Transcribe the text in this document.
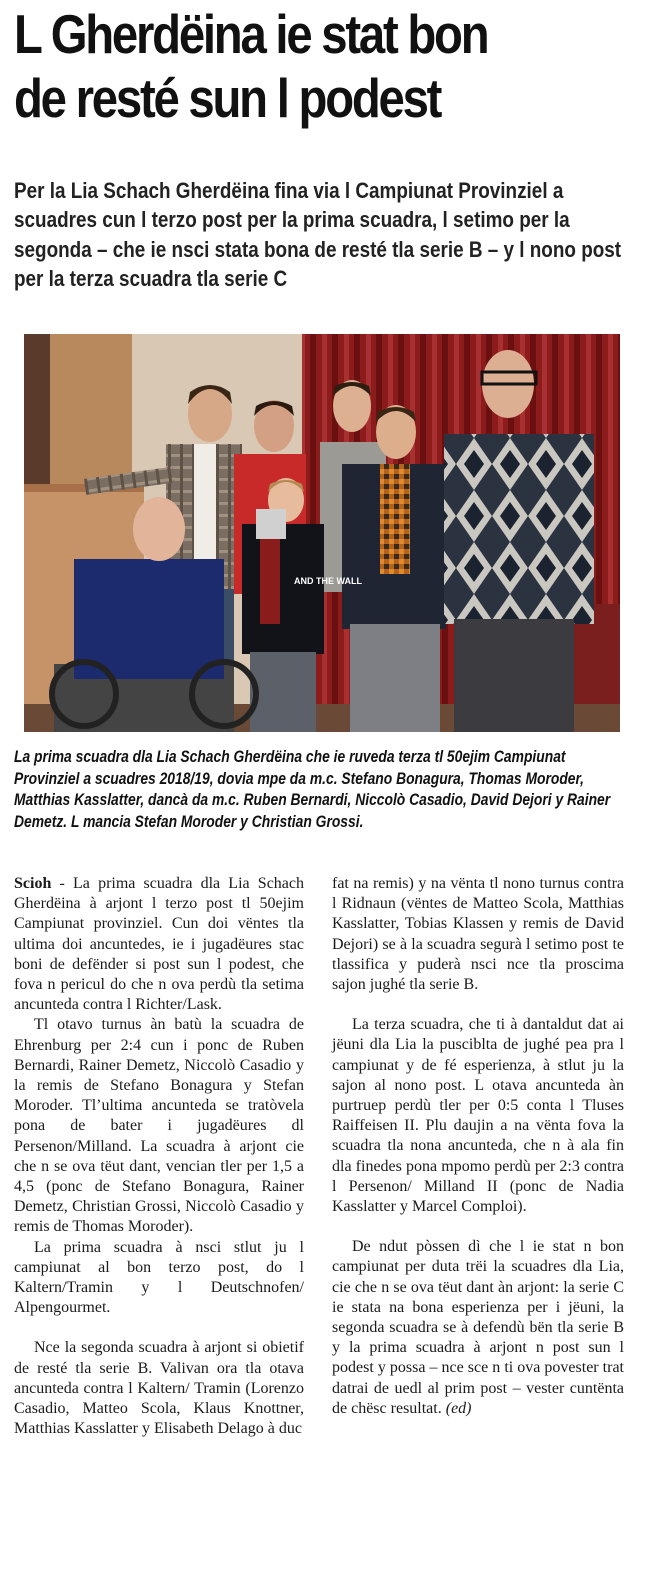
L Gherdëina ie stat bon
de resté sun l podest

Per la Lia Schach Gherdëina fina via l Campiunat Provinziel a scuadres cun l terzo post per la prima scuadra, l setimo per la segonda – che ie nsci stata bona de resté tla serie B – y l nono post per la terza scuadra tla serie C

AND THE WALL

La prima scuadra dla Lia Schach Gherdëina che ie ruveda terza tl 50ejim Campiunat Provinziel a scuadres 2018/19, dovia mpe da m.c. Stefano Bonagura, Thomas Moroder, Matthias Kasslatter, dancà da m.c. Ruben Bernardi, Niccolò Casadio, David Dejori y Rainer Demetz. L mancia Stefan Moroder y Christian Grossi.

Scioh - La prima scuadra dla Lia Schach Gherdëina à arjont l terzo post tl 50ejim Campiunat provinziel. Cun doi vëntes tla ultima doi ancuntedes, ie i jugadëures stac boni de defënder si post sun l podest, che fova n pericul do che n ova perdù tla setima ancunteda contra l Richter/Lask.

Tl otavo turnus àn batù la scuadra de Ehrenburg per 2:4 cun i ponc de Ruben Bernardi, Rainer Demetz, Niccolò Casadio y la remis de Stefano Bonagura y Stefan Moroder. Tl’ultima ancunteda se tratòvela pona de bater i jugadëures dl Persenon/Milland. La scuadra à arjont cie che n se ova tëut dant, vencian tler per 1,5 a 4,5 (ponc de Stefano Bonagura, Rainer Demetz, Christian Grossi, Niccolò Casadio y remis de Thomas Moroder).

La prima scuadra à nsci stlut ju l campiunat al bon terzo post, do l Kaltern/Tramin y l Deutschnofen/ Alpengourmet.

Nce la segonda scuadra à arjont si obietif de resté tla serie B. Valivan ora tla otava ancunteda contra l Kaltern/ Tramin (Lorenzo Casadio, Matteo Scola, Klaus Knottner, Matthias Kasslatter y Elisabeth Delago à duc

fat na remis) y na vënta tl nono turnus contra l Ridnaun (vëntes de Matteo Scola, Matthias Kasslatter, Tobias Klassen y remis de David Dejori) se à la scuadra segurà l setimo post te tlassifica y puderà nsci nce tla proscima sajon jughé tla serie B.

La terza scuadra, che ti à dantaldut dat ai jëuni dla Lia la pusciblta de jughé pea pra l campiunat y de fé esperienza, à stlut ju la sajon al nono post. L otava ancunteda àn purtruep perdù tler per 0:5 conta l Tluses Raiffeisen II. Plu daujin a na vënta fova la scuadra tla nona ancunteda, che n à ala fin dla finedes pona mpomo perdù per 2:3 contra l Persenon/ Milland II (ponc de Nadia Kasslatter y Marcel Comploi).

De ndut pòssen dì che l ie stat n bon campiunat per duta trëi la scuadres dla Lia, cie che n se ova tëut dant àn arjont: la serie C ie stata na bona esperienza per i jëuni, la segonda scuadra se à defendù bën tla serie B y la prima scuadra à arjont n post sun l podest y possa – nce sce n ti ova povester trat datrai de uedl al prim post – vester cuntënta de chësc resultat. (ed)
